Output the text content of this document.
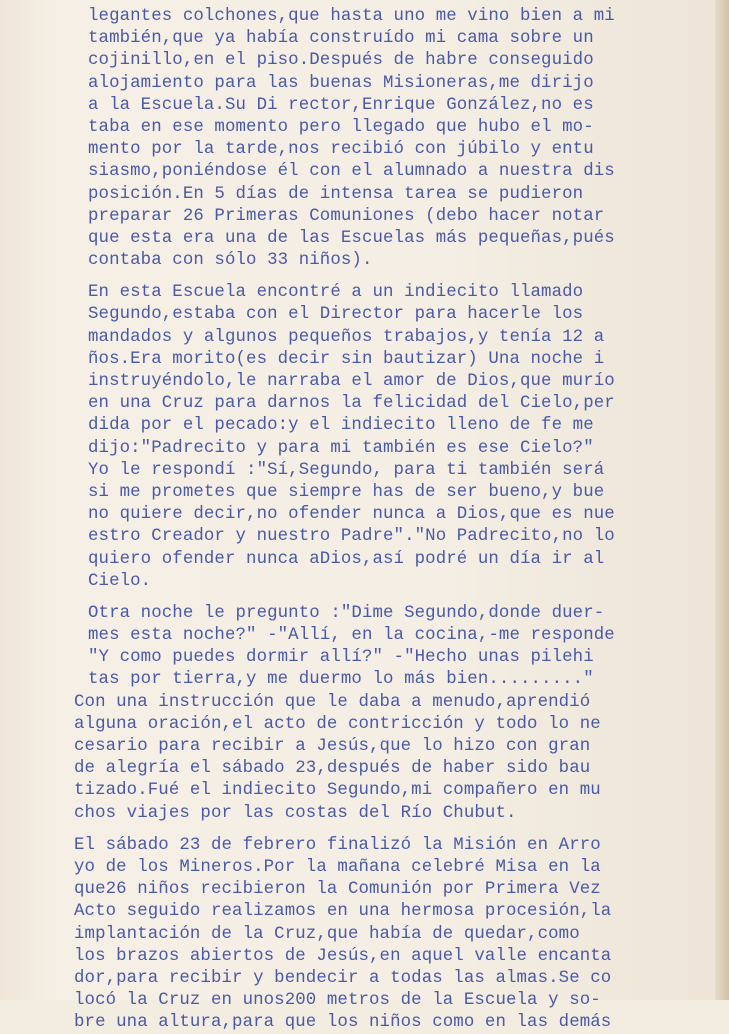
legantes colchones,que hasta uno me vino bien a mi
también,que ya había construído mi cama sobre un
cojinillo,en el piso.Después de habre conseguido
alojamiento para las buenas Misioneras,me dirijo
a la Escuela.Su Di rector,Enrique González,no es
taba en ese momento pero llegado que hubo el mo-
mento por la tarde,nos recibió con júbilo y entu
siasmo,poniéndose él con el alumnado a nuestra dis
posición.En 5 días de intensa tarea se pudieron
preparar 26 Primeras Comuniones (debo hacer notar
que esta era una de las Escuelas más pequeñas,pués
contaba con sólo 33 niños).
En esta Escuela encontré a un indiecito llamado
Segundo,estaba con el Director para hacerle los
mandados y algunos pequeños trabajos,y tenía 12 a
ños.Era morito(es decir sin bautizar) Una noche i
instruyéndolo,le narraba el amor de Dios,que murío
en una Cruz para darnos la felicidad del Cielo,per
dida por el pecado:y el indiecito lleno de fe me
dijo:"Padrecito y para mi también es ese Cielo?"
Yo le respondí :"Sí,Segundo, para ti también será
si me prometes que siempre has de ser bueno,y bue
no quiere decir,no ofender nunca a Dios,que es nue
estro Creador y nuestro Padre"."No Padrecito,no lo
quiero ofender nunca aDios,así podré un día ir al
Cielo.
Otra noche le pregunto :"Dime Segundo,donde duer-
mes esta noche?" -"Allí, en la cocina,-me responde
"Y como puedes dormir allí?" -"Hecho unas pilehi
tas por tierra,y me duermo lo más bien........."
Con una instrucción que le daba a menudo,aprendió
alguna oración,el acto de contricción y todo lo ne
cesario para recibir a Jesús,que lo hizo con gran
de alegría el sábado 23,después de haber sido bau
tizado.Fué el indiecito Segundo,mi compañero en mu
chos viajes por las costas del Río Chubut.
El sábado 23 de febrero finalizó la Misión en Arro
yo de los Mineros.Por la mañana celebré Misa en la
que26 niños recibieron la Comunión por Primera Vez
Acto seguido realizamos en una hermosa procesión,la
implantación de la Cruz,que había de quedar,como
los brazos abiertos de Jesús,en aquel valle encanta
dor,para recibir y bendecir a todas las almas.Se co
locó la Cruz en unos200 metros de la Escuela y so-
bre una altura,para que los niños como en las demás
